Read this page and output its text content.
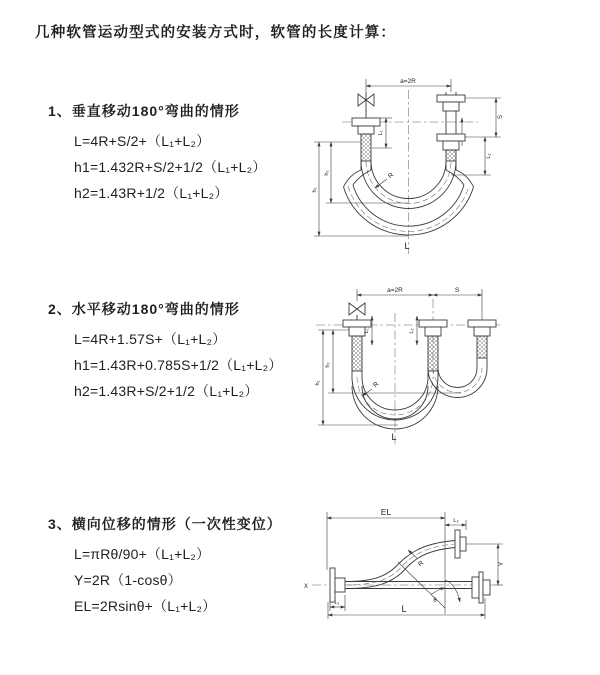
几种软管运动型式的安装方式时，软管的长度计算：
1、垂直移动180°弯曲的情形
L=4R+S/2+（L₁+L₂）
h1=1.432R+S/2+1/2（L₁+L₂）
h2=1.43R+1/2（L₁+L₂）
2、水平移动180°弯曲的情形
L=4R+1.57S+（L₁+L₂）
h1=1.43R+0.785S+1/2（L₁+L₂）
h2=1.43R+S/2+1/2（L₁+L₂）
3、横向位移的情形（一次性变位）
L=πRθ/90+（L₁+L₂）
Y=2R（1-cosθ）
EL=2Rsinθ+（L₁+L₂）
a=2R
S
L₂
h₁
h₂
L₁
R
L
a=2R	S
L₁	L₂
h₁
h₂
R
L
EL
L₂
Y
L₁
L
R
θ
X
